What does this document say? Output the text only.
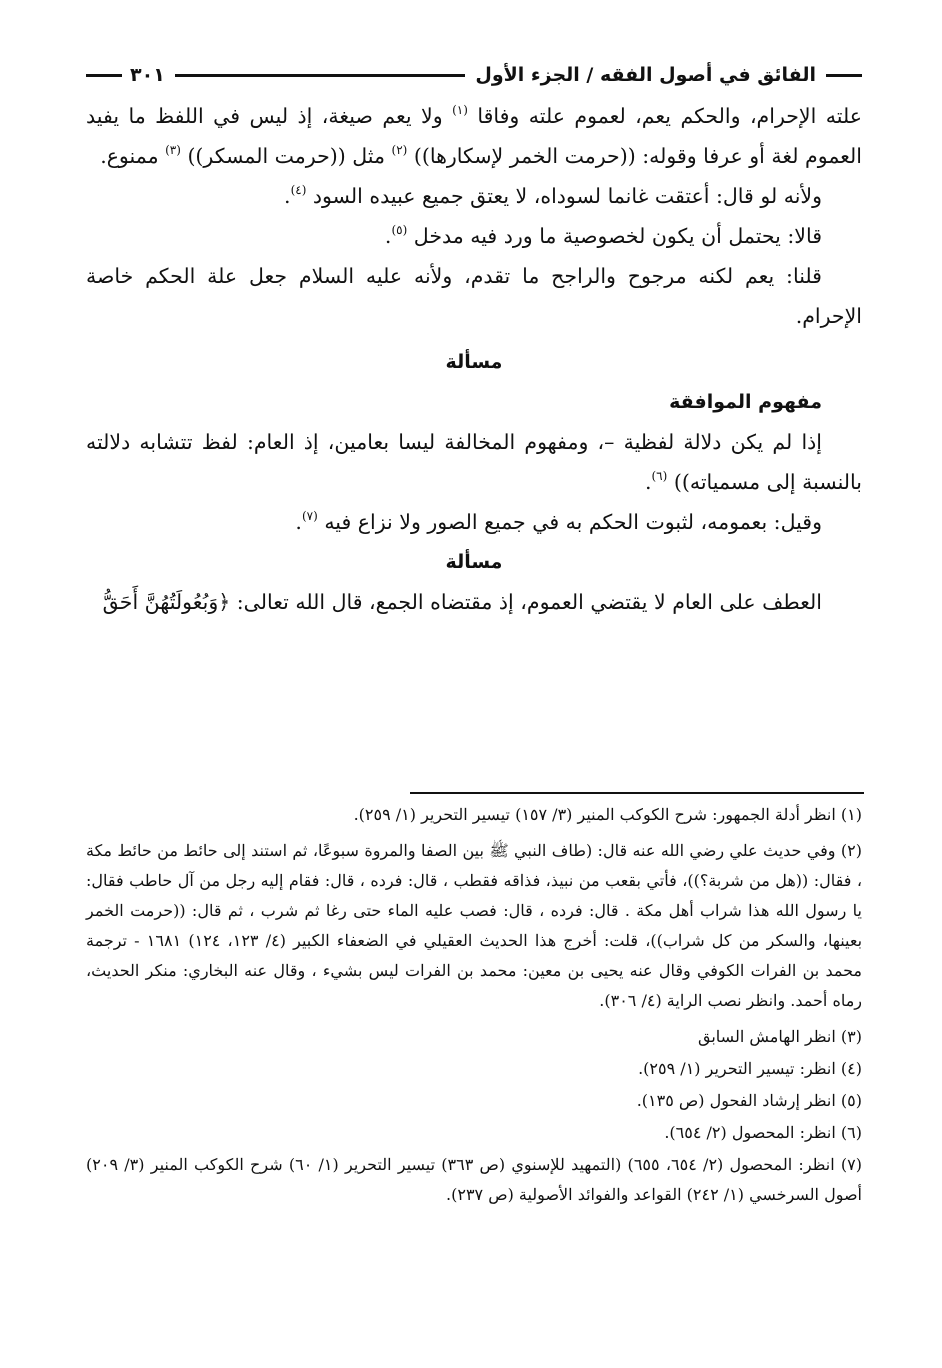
الفائق في أصول الفقه / الجزء الأول
٣٠١

علته الإحرام، والحكم يعم، لعموم علته وفاقا $^{(١)}$ ولا يعم صيغة، إذ ليس في اللفظ ما يفيد العموم لغة أو عرفا وقوله: ((حرمت الخمر لإسكارها)) $^{(٢)}$ مثل ((حرمت المسكر)) $^{(٣)}$ ممنوع.

ولأنه لو قال: أعتقت غانما لسوداه، لا يعتق جميع عبيده السود $^{(٤)}$.

قالا: يحتمل أن يكون لخصوصية ما ورد فيه مدخل $^{(٥)}$.

قلنا: يعم لكنه مرجوح والراجح ما تقدم، ولأنه عليه السلام جعل علة الحكم خاصة الإحرام.

مسألة

مفهوم الموافقة

إذا لم يكن دلالة لفظية –، ومفهوم المخالفة ليسا بعامين، إذ العام: لفظ تتشابه دلالته بالنسبة إلى مسمياته)) $^{(٦)}$.

وقيل: بعمومه، لثبوت الحكم به في جميع الصور ولا نزاع فيه $^{(٧)}$.

مسألة

العطف على العام لا يقتضي العموم، إذ مقتضاه الجمع، قال الله تعالى: ﴿وَبُعُولَتُهُنَّ أَحَقُّ

(١) انظر أدلة الجمهور: شرح الكوكب المنير (٣/ ١٥٧) تيسير التحرير (١/ ٢٥٩).

(٢) وفي حديث علي رضي الله عنه قال: (طاف النبي ﷺ بين الصفا والمروة سبوعًا، ثم استند إلى حائط من حائط مكة ، فقال: ((هل من شربة؟))، فأتي بقعب من نبيذ، فذاقه فقطب ، قال: فرده ، قال: فقام إليه رجل من آل حاطب فقال: يا رسول الله هذا شراب أهل مكة . قال: فرده ، قال: فصب عليه الماء حتى رغا ثم شرب ، ثم قال: ((حرمت الخمر بعينها، والسكر من كل شراب))، قلت: أخرج هذا الحديث العقيلي في الضعفاء الكبير (٤/ ١٢٣، ١٢٤) ١٦٨١ - ترجمة محمد بن الفرات الكوفي وقال عنه يحيى بن معين: محمد بن الفرات ليس بشيء ، وقال عنه البخاري: منكر الحديث، رماه أحمد. وانظر نصب الراية (٤/ ٣٠٦).

(٣) انظر الهامش السابق

(٤) انظر: تيسير التحرير (١/ ٢٥٩).

(٥) انظر إرشاد الفحول (ص ١٣٥).

(٦) انظر: المحصول (٢/ ٦٥٤).

(٧) انظر: المحصول (٢/ ٦٥٤، ٦٥٥) (التمهيد للإسنوي (ص ٣٦٣) تيسير التحرير (١/ ٦٠) شرح الكوكب المنير (٣/ ٢٠٩) أصول السرخسي (١/ ٢٤٢) القواعد والفوائد الأصولية (ص ٢٣٧).
